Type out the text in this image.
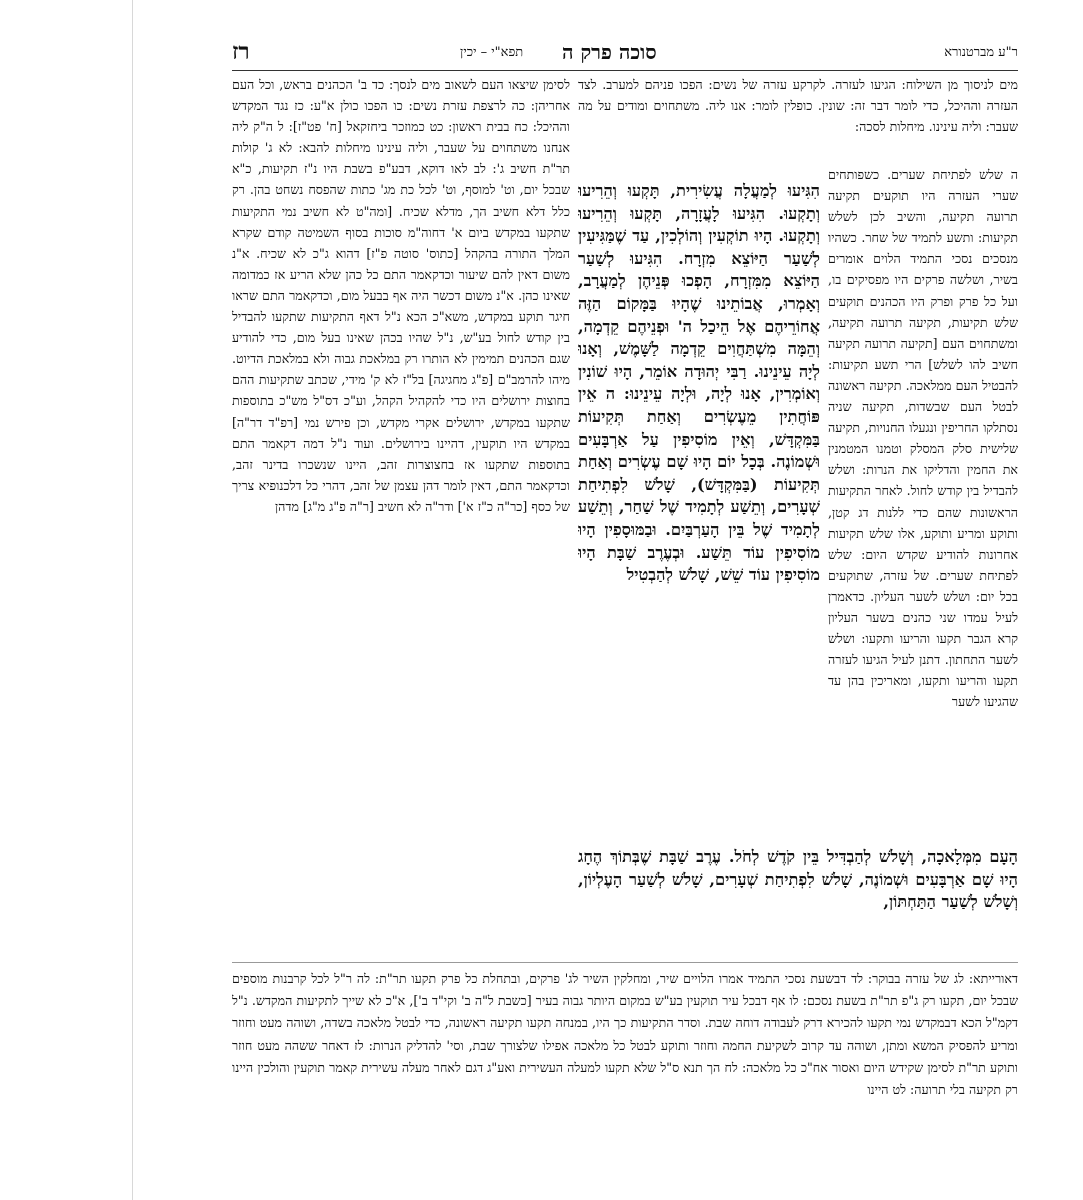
רז	תפא"י – יכין סוכה פרק ה	ר"ע מברטנורא
מים לניסוך מן השילוח: הגיעו לעזרה. לקרקע עזרה של נשים: הפכו פניהם למערב. לצד העזרה וההיכל, כדי לומר דבר זה: שונין. כופלין לומר: אנו ליה. משתחוים ומודים על מה שעבר: וליה עינינו. מיחלות לסכה:
ה שלש לפתיחת שערים. כשפותחים שערי העזרה היו תוקעים תקיעה תרועה תקיעה, והשיב לכן לשלש תקיעות: ותשע לתמיד של שחר. כשהיו מנסכים נסכי התמיד הלוים אומרים בשיר, ושלשה פרקים היו מפסיקים בו, ועל כל פרק ופרק היו הכהנים תוקעים שלש תקיעות, תקיעה תרועה תקיעה, ומשתחוים העם [תקיעה תרועה תקיעה חשיב להו לשלש] הרי תשע תקיעות: להבטיל העם ממלאכה. תקיעה ראשונה לבטל העם שבשדות, תקיעה שניה נסתלקו החריפין ונגעלו החנויות, תקיעה שלישית סלק המסלק וטמנו המטמנין את החמין והדליקו את הנרות: ושלש להבדיל בין קודש לחול. לאחר התקיעות הראשונות שהם כדי ללנות דג קטן, ותוקע ומריע ותוקע, אלו שלש תקיעות אחרונות להודיע שקדש היום: שלש לפתיחת שערים. של עזרה, שתוקעים בכל יום: ושלש לשער העליון. כדאמרן לעיל עמדו שני כהנים בשער העליון קרא הגבר תקעו והריעו ותקעו: ושלש לשער התחתון. דתנן לעיל הגיעו לעזרה תקעו והריעו ותקעו, ומאריכין בהן עד שהגיעו לשער
לסימן שיצאו העם לשאוב מים לנסך: כד ב' הכהנים בראש, וכל העם אחריהן: כה לרצפת עזרת נשים: כו הפכו כולן א"ע: כז נגד המקדש וההיכל: כח בבית ראשון: כט כמוזכר ביחזקאל [ח' פט"ז]: ל ה"ק ליה אנחנו משתחוים על שעבר, וליה עינינו מיחלות להבא: לא ג' קולות תר"ת חשיב ג': לב לאו דוקא, דבע"פ בשבת היו נ"ז תקיעות, כ"א שבכל יום, וט' למוסף, וט' לכל כת מג' כתות שהפסח נשחט בהן. רק כלל דלא חשיב הך, מדלא שכיח. [ומה"ט לא חשיב נמי התקיעות שתקעו במקדש ביום א' דחוה"מ סוכות בסוף השמיטה קודם שקרא המלך התורה בהקהל [כתוס' סוטה פ"ז] דהוא ג"כ לא שכיח. א"נ משום דאין להם שיעור וכדקאמר התם כל כהן שלא הריע אז כמדומה שאינו כהן. א"נ משום דכשר היה אף בבעל מום, וכדקאמר התם שראו חיגר תוקע במקדש, משא"כ הכא נ"ל דאף התקיעות שתקעו להבדיל בין קודש לחול בע"ש, נ"ל שהיו בכהן שאינו בעל מום, כדי להודיע שגם הכהנים תמימין לא הותרו רק במלאכת גבוה ולא במלאכת הדיוט. מיהו להרמב"ם [פ"ג מחגיגה] בל"ז לא ק' מידי, שכתב שתקיעות ההם בחוצות ירושלים היו כדי להקהיל הקהל, וע"כ דס"ל מש"כ בתוספות שתקעו במקדש, ירושלים אקרי מקדש, וכן פירש נמי [רפ"ד דר"ה] במקדש היו תוקעין, דהיינו בירושלים. ועוד נ"ל דמה דקאמר התם בתוספות שתקעו אז בחצוצרות זהב, היינו שנשכרו בדינר זהב, וכדקאמר התם, דאין לומר דהן עצמן של זהב, דהרי כל דלכנופיא צריך של כסף [כר"ה כ"ז א'] ודר"ה לא חשיב [ר"ה פ"ג מ"ג] מדהן
הִגִּיעוּ לְמַעֲלָה עֲשִׂירִית, תָּקְעוּ וְהֵרִיעוּ וְתָקְעוּ. הִגִּיעוּ לָעֲזָרָה, תָּקְעוּ וְהֵרִיעוּ וְתָקְעוּ. הָיוּ תוֹקְעִין וְהוֹלְכִין, עַד שֶׁמַּגִּיעִין לְשַׁעַר הַיּוֹצֵא מִזְרָח. הִגִּיעוּ לְשַׁעַר הַיּוֹצֵא מִמִּזְרָח, הָפְכוּ פְּנֵיהֶן לְמַעֲרָב, וְאָמְרוּ, אֲבוֹתֵינוּ שֶׁהָיוּ בַּמָּקוֹם הַזֶּה אֲחוֹרֵיהֶם אֶל הֵיכַל ה' וּפְנֵיהֶם קֵדְמָה, וְהֵמָּה מִשְׁתַּחֲוִים קֵדְמָה לַשָּׁמֶשׁ, וְאָנוּ לְיָה עֵינֵינוּ. רַבִּי יְהוּדָה אוֹמֵר, הָיוּ שׁוֹנִין וְאוֹמְרִין, אָנוּ לְיָה, וּלְיָה עֵינֵינוּ: ה אֵין פּוֹחֲתִין מֵעֶשְׂרִים וְאַחַת תְּקִיעוֹת בַּמִּקְדָּשׁ, וְאֵין מוֹסִיפִין עַל אַרְבָּעִים וּשְׁמוֹנֶה. בְּכָל יוֹם הָיוּ שָׁם עֶשְׂרִים וְאַחַת תְּקִיעוֹת (בַּמִּקְדָּשׁ), שָׁלֹשׁ לִפְתִיחַת שְׁעָרִים, וְתֵשַׁע לְתָמִיד שֶׁל שַׁחַר, וְתֵשַׁע לְתָמִיד שֶׁל בֵּין הָעַרְבַּיִם. וּבַמּוּסָפִין הָיוּ מוֹסִיפִין עוֹד תֵּשַׁע. וּבְעֶרֶב שַׁבָּת הָיוּ מוֹסִיפִין עוֹד שֵׁשׁ, שָׁלֹשׁ לְהַבְטִיל
הָעָם מִמְּלָאכָה, וְשָׁלֹשׁ לְהַבְדִּיל בֵּין קֹדֶשׁ לְחֹל. עֶרֶב שַׁבָּת שֶׁבְּתוֹךְ הֶחָג הָיוּ שָׁם אַרְבָּעִים וּשְׁמוֹנֶה, שָׁלֹשׁ לִפְתִיחַת שְׁעָרִים, שָׁלֹשׁ לְשַׁעַר הָעֶלְיוֹן, וְשָׁלֹשׁ לְשַׁעַר הַתַּחְתּוֹן,
דאורייתא: לג של עזרה בבוקר: לד דבשעת נסכי התמיד אמרו הלויים שיר, ומחלקין השיר לג' פרקים, ובתחלת כל פרק תקעו תר"ת: לה ר"ל לכל קרבנות מוספים שבכל יום, תקעו רק ג"פ תר"ת בשעת נסכם: לו אף דבכל עיר תוקעין בע"ש במקום היותר גבוה בעיר [כשבת ל"ה ב' וקי"ד ב'], א"כ לא שייך לתקיעות המקדש. נ"ל דקמ"ל הכא דבמקדש נמי תקעו להכירא דרק לעבודה דוחה שבת. וסדר התקיעות כך היו, במנחה תקעו תקיעה ראשונה, כדי לבטל מלאכה בשדה, ושוהה מעט וחוזר ומריע להפסיק המשא ומתן, ושוהה עד קרוב לשקיעת החמה וחוזר ותוקע לבטל כל מלאכה אפילו שלצורך שבת, וסי' להדליק הנרות: לז דאחר ששהה מעט חוזר ותוקע תר"ת לסימן שקידש היום ואסור אח"כ כל מלאכה: לח הך תנא ס"ל שלא תקעו למעלה העשירית ואע"ג דגם לאחר מעלה עשירית קאמר תוקעין והולכין היינו רק תקיעה בלי תרועה: לט היינו
